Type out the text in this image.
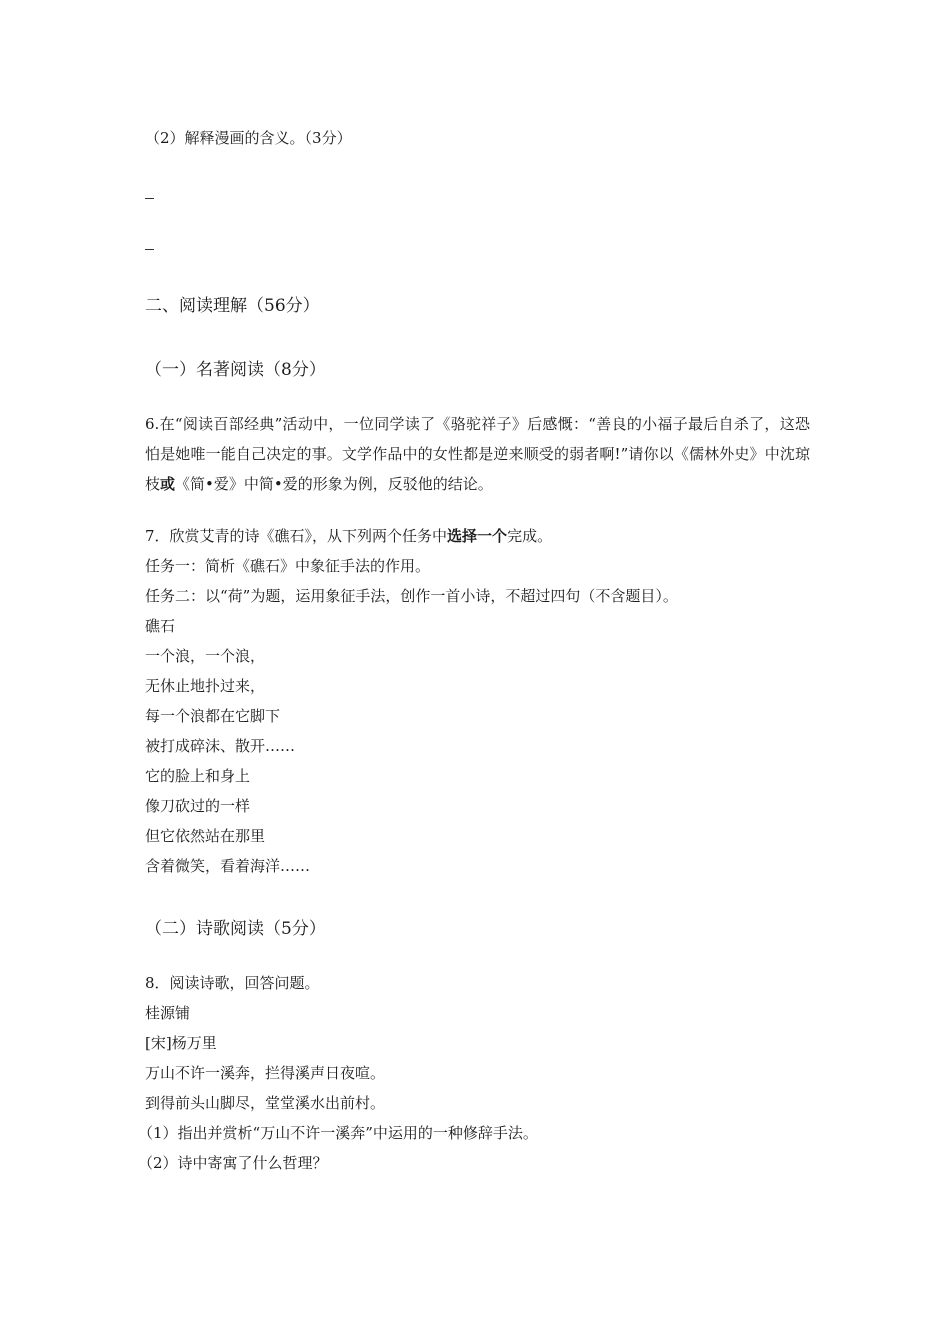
（2）解释漫画的含义。（3分）
二、阅读理解（56分）
（一）名著阅读（8分）
6.在“阅读百部经典”活动中，一位同学读了《骆驼祥子》后感慨：“善良的小福子最后自杀了，这恐怕是她唯一能自己决定的事。文学作品中的女性都是逆来顺受的弱者啊!”请你以《儒林外史》中沈琼枝或《简•爱》中简•爱的形象为例，反驳他的结论。
7．欣赏艾青的诗《礁石》，从下列两个任务中选择一个完成。
任务一：简析《礁石》中象征手法的作用。
任务二：以“荷”为题，运用象征手法，创作一首小诗，不超过四句（不含题目）。
礁石
一个浪，一个浪，
无休止地扑过来，
每一个浪都在它脚下
被打成碎沫、散开……
它的脸上和身上
像刀砍过的一样
但它依然站在那里
含着微笑，看着海洋……
（二）诗歌阅读（5分）
8．阅读诗歌，回答问题。
桂源铺
[宋]杨万里
万山不许一溪奔，拦得溪声日夜喧。
到得前头山脚尽，堂堂溪水出前村。
（1）指出并赏析“万山不许一溪奔”中运用的一种修辞手法。
（2）诗中寄寓了什么哲理？
